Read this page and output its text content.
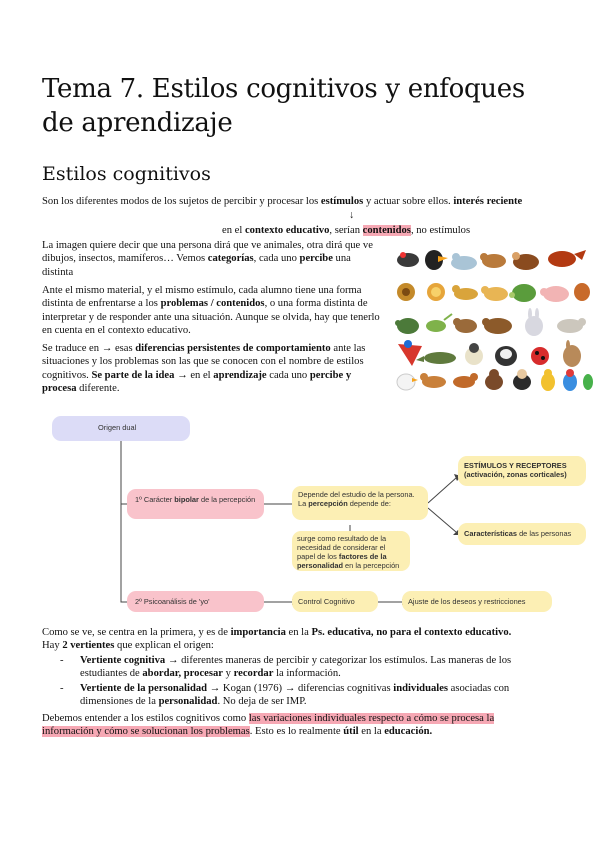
Tema 7. Estilos cognitivos y enfoques de aprendizaje
Estilos cognitivos
Son los diferentes modos de los sujetos de percibir y procesar los estímulos y actuar sobre ellos. interés reciente
↓
en el contexto educativo, serían contenidos, no estímulos
La imagen quiere decir que una persona dirá que ve animales, otra dirá que ve dibujos, insectos, mamíferos… Vemos categorías, cada uno percibe una distinta
Ante el mismo material, y el mismo estímulo, cada alumno tiene una forma distinta de enfrentarse a los problemas / contenidos, o una forma distinta de interpretar y de responder ante una situación. Aunque se olvida, hay que tenerlo en cuenta en el contexto educativo.
Se traduce en → esas diferencias persistentes de comportamiento ante las situaciones y los problemas son las que se conocen con el nombre de estilos cognitivos. Se parte de la idea → en el aprendizaje cada uno percibe y procesa diferente.
Origen dual
1º Carácter bipolar de la percepción
Depende del estudio de la persona. La percepción depende de:
ESTÍMULOS Y RECEPTORES (activación, zonas corticales)
Características de las personas
surge como resultado de la necesidad de considerar el papel de los factores de la personalidad en la percepción
2º Psicoanálisis de 'yo'	Control Cognitivo	Ajuste de los deseos y restricciones
Como se ve, se centra en la primera, y es de importancia en la Ps. educativa, no para el contexto educativo.
Hay 2 vertientes que explican el origen:
- Vertiente cognitiva → diferentes maneras de percibir y categorizar los estímulos. Las maneras de los estudiantes de abordar, procesar y recordar la información.
- Vertiente de la personalidad → Kogan (1976) → diferencias cognitivas individuales asociadas con dimensiones de la personalidad. No deja de ser IMP.
Debemos entender a los estilos cognitivos como las variaciones individuales respecto a cómo se procesa la información y cómo se solucionan los problemas. Esto es lo realmente útil en la educación.
